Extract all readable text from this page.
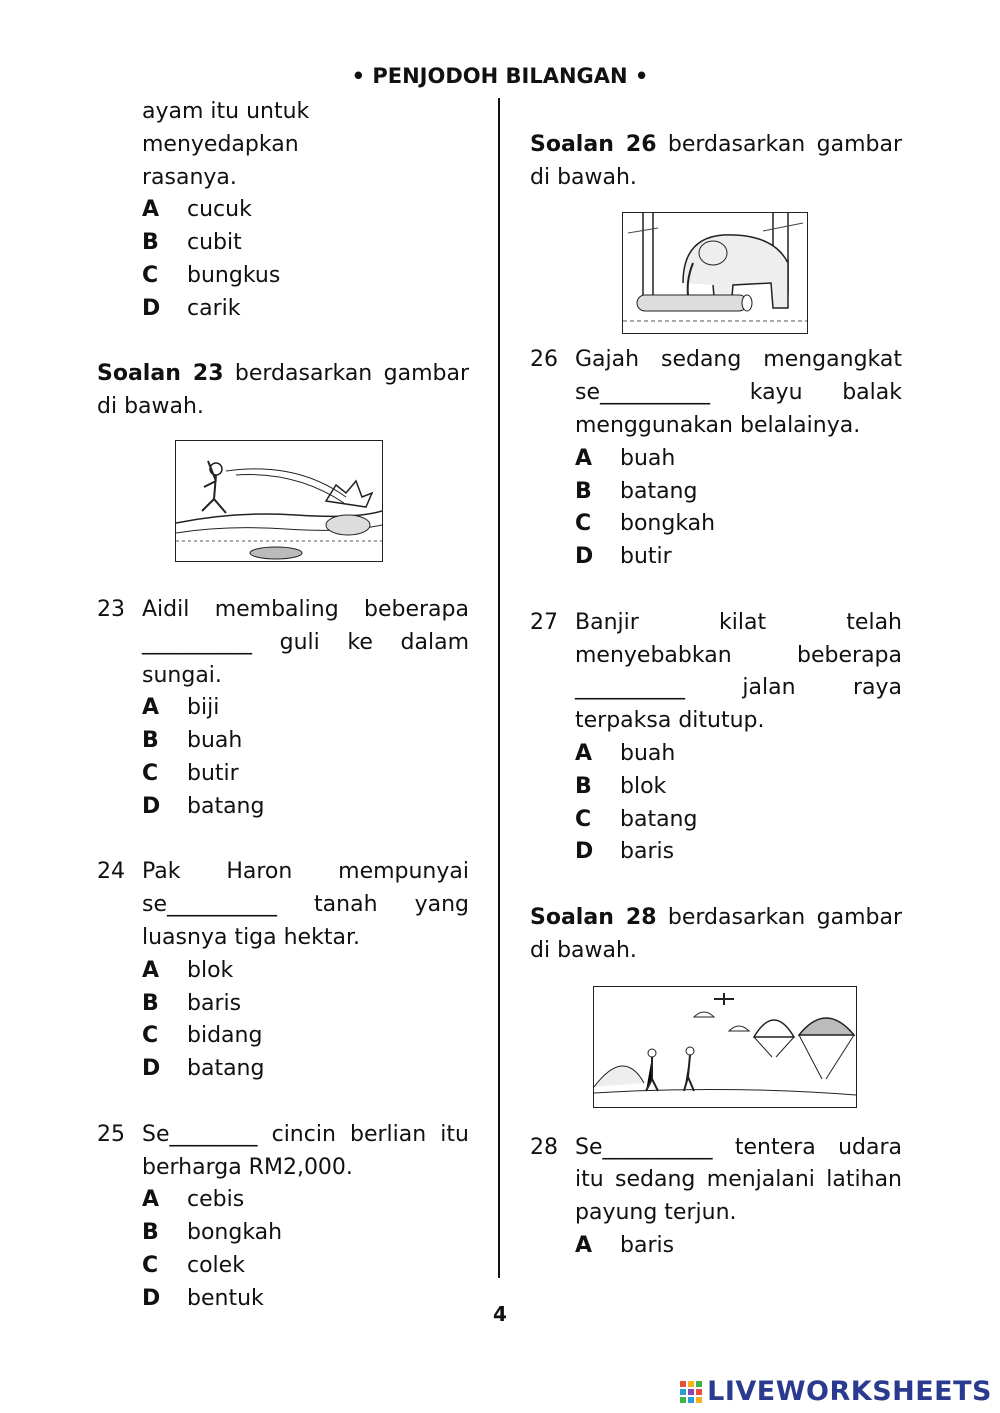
• PENJODOH BILANGAN •
ayam itu untuk menyedapkan
rasanya.
A	cucuk
B	cubit
C	bungkus
D	carik
Soalan 23 berdasarkan gambar di bawah.
23 Aidil membaling beberapa
__________ guli ke dalam
sungai.
A	biji
B	buah
C	butir
D	batang
24 Pak Haron mempunyai
se__________ tanah yang
luasnya tiga hektar.
A	blok
B	baris
C	bidang
D	batang
25 Se________ cincin berlian itu
berharga RM2,000.
A	cebis
B	bongkah
C	colek
D	bentuk
Soalan 26 berdasarkan gambar di bawah.
26 Gajah sedang mengangkat
se__________ kayu balak
menggunakan belalainya.
A	buah
B	batang
C	bongkah
D	butir
27 Banjir kilat telah
menyebabkan beberapa
__________ jalan raya
terpaksa ditutup.
A	buah
B	blok
C	batang
D	baris
Soalan 28 berdasarkan gambar di bawah.
28 Se__________ tentera udara
itu sedang menjalani latihan
payung terjun.
A	baris
4
LIVEWORKSHEETS
